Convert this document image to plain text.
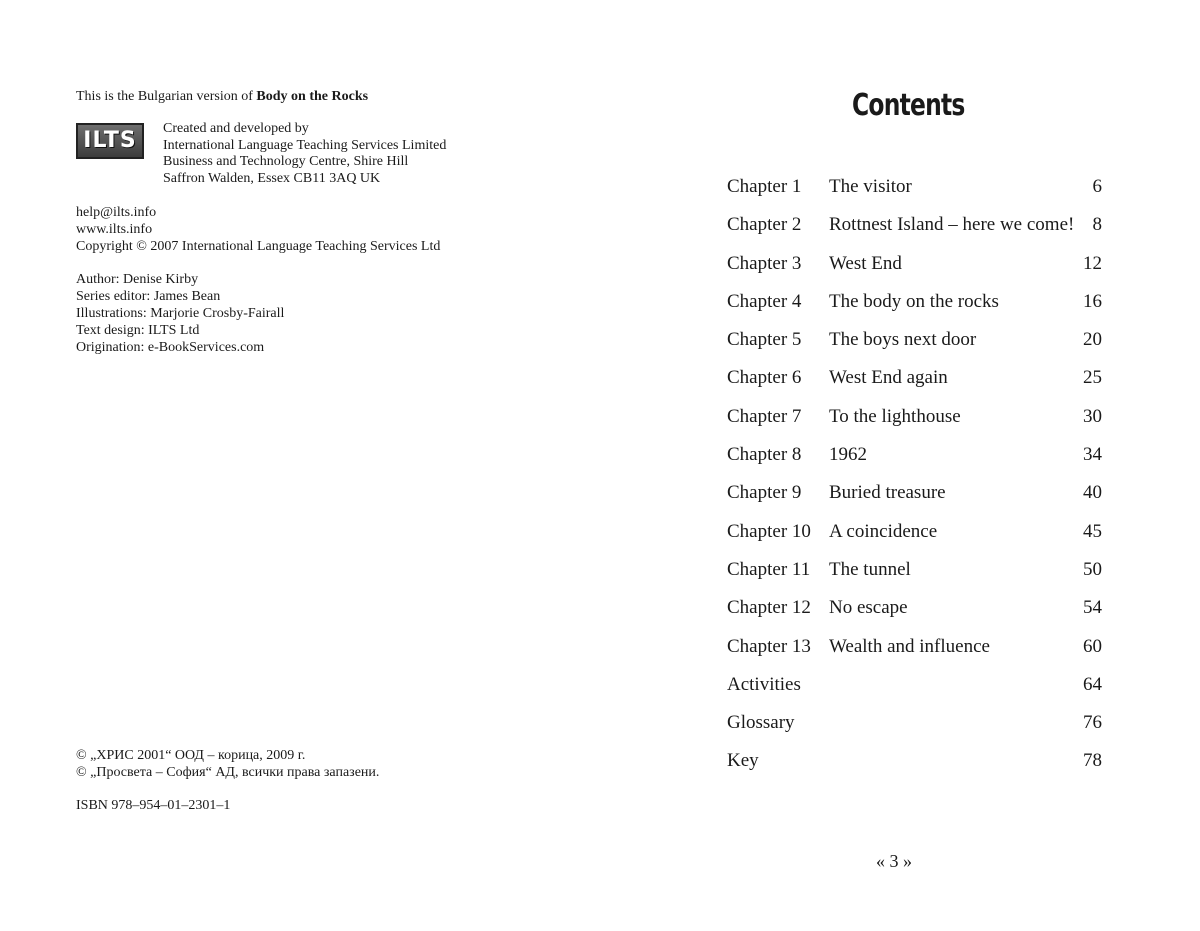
This is the Bulgarian version of Body on the Rocks

ILTS	Created and developed by

International Language Teaching Services Limited

Business and Technology Centre, Shire Hill

Saffron Walden, Essex CB11 3AQ UK

help@ilts.info

www.ilts.info

Copyright © 2007 International Language Teaching Services Ltd

Author: Denise Kirby

Series editor: James Bean

Illustrations: Marjorie Crosby-Fairall

Text design: ILTS Ltd

Origination: e-BookServices.com

© „ХРИС 2001“ ООД – корица, 2009 г.

© „Просвета – София“ АД, всички права запазени.

ISBN 978–954–01–2301–1
Contents
Chapter 1 The visitor	6
Chapter 2 Rottnest Island – here we come! 8
Chapter 3 West End	12
Chapter 4 The body on the rocks	16
Chapter 5 The boys next door	20
Chapter 6 West End again	25
Chapter 7 To the lighthouse	30
Chapter 8 1962	34
Chapter 9 Buried treasure	40
Chapter 10 A coincidence	45
Chapter 11 The tunnel	50
Chapter 12 No escape	54
Chapter 13 Wealth and influence	60
Activities	64
Glossary	76
Key	78
« 3 »
